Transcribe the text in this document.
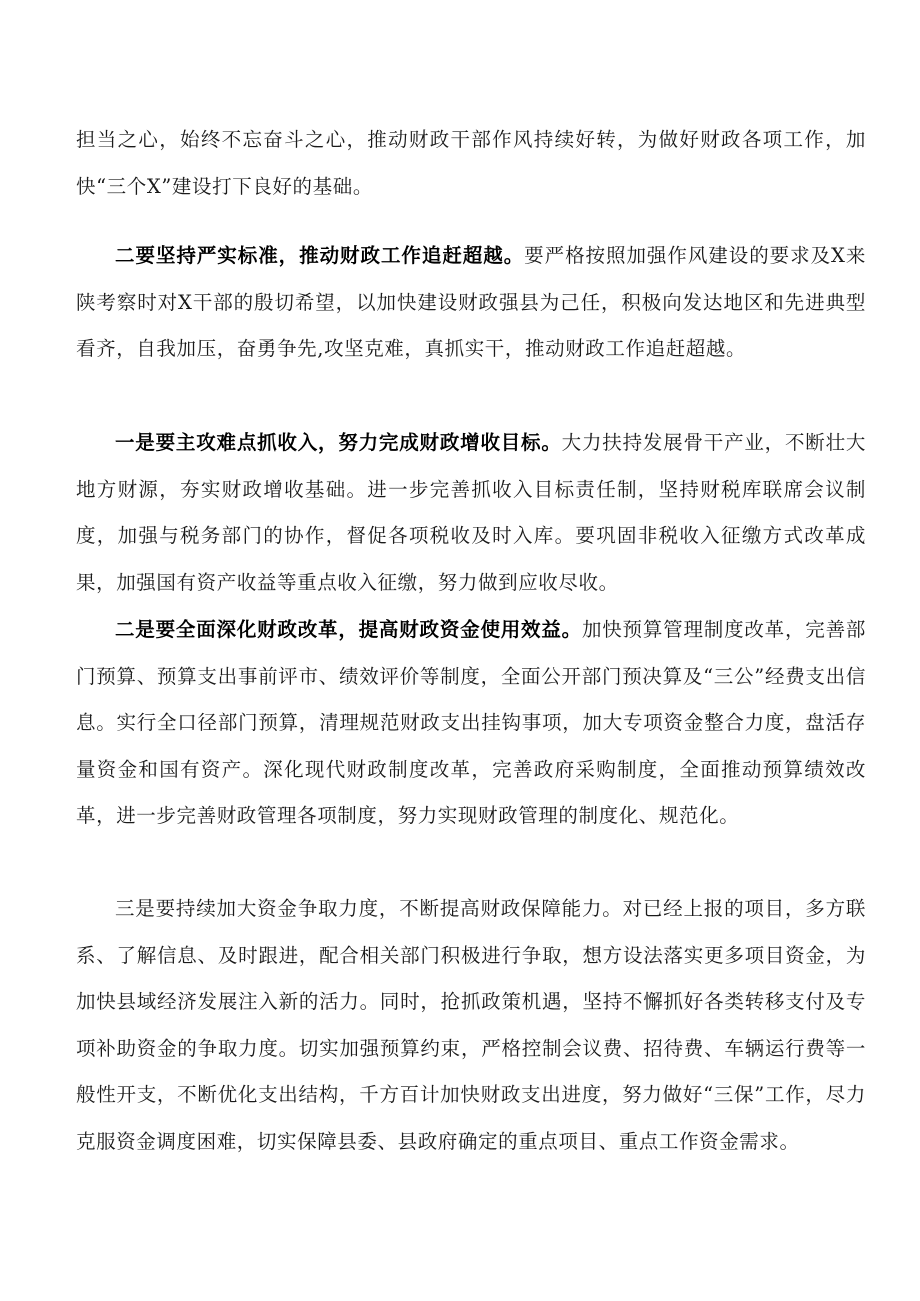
担当之心，始终不忘奋斗之心，推动财政干部作风持续好转，为做好财政各项工作，加快“三个X”建设打下良好的基础。

二要坚持严实标准，推动财政工作追赶超越。要严格按照加强作风建设的要求及X来陕考察时对X干部的殷切希望，以加快建设财政强县为己任，积极向发达地区和先进典型看齐，自我加压，奋勇争先,攻坚克难，真抓实干，推动财政工作追赶超越。

一是要主攻难点抓收入，努力完成财政增收目标。大力扶持发展骨干产业，不断壮大地方财源，夯实财政增收基础。进一步完善抓收入目标责任制，坚持财税库联席会议制度，加强与税务部门的协作，督促各项税收及时入库。要巩固非税收入征缴方式改革成果，加强国有资产收益等重点收入征缴，努力做到应收尽收。

二是要全面深化财政改革，提高财政资金使用效益。加快预算管理制度改革，完善部门预算、预算支出事前评市、绩效评价等制度，全面公开部门预决算及“三公”经费支出信息。实行全口径部门预算，清理规范财政支出挂钩事项，加大专项资金整合力度，盘活存量资金和国有资产。深化现代财政制度改革，完善政府采购制度，全面推动预算绩效改革，进一步完善财政管理各项制度，努力实现财政管理的制度化、规范化。

三是要持续加大资金争取力度，不断提高财政保障能力。对已经上报的项目，多方联系、了解信息、及时跟进，配合相关部门积极进行争取，想方设法落实更多项目资金，为加快县域经济发展注入新的活力。同时，抢抓政策机遇，坚持不懈抓好各类转移支付及专项补助资金的争取力度。切实加强预算约束，严格控制会议费、招待费、车辆运行费等一般性开支，不断优化支出结构，千方百计加快财政支出进度，努力做好“三保”工作，尽力克服资金调度困难，切实保障县委、县政府确定的重点项目、重点工作资金需求。
